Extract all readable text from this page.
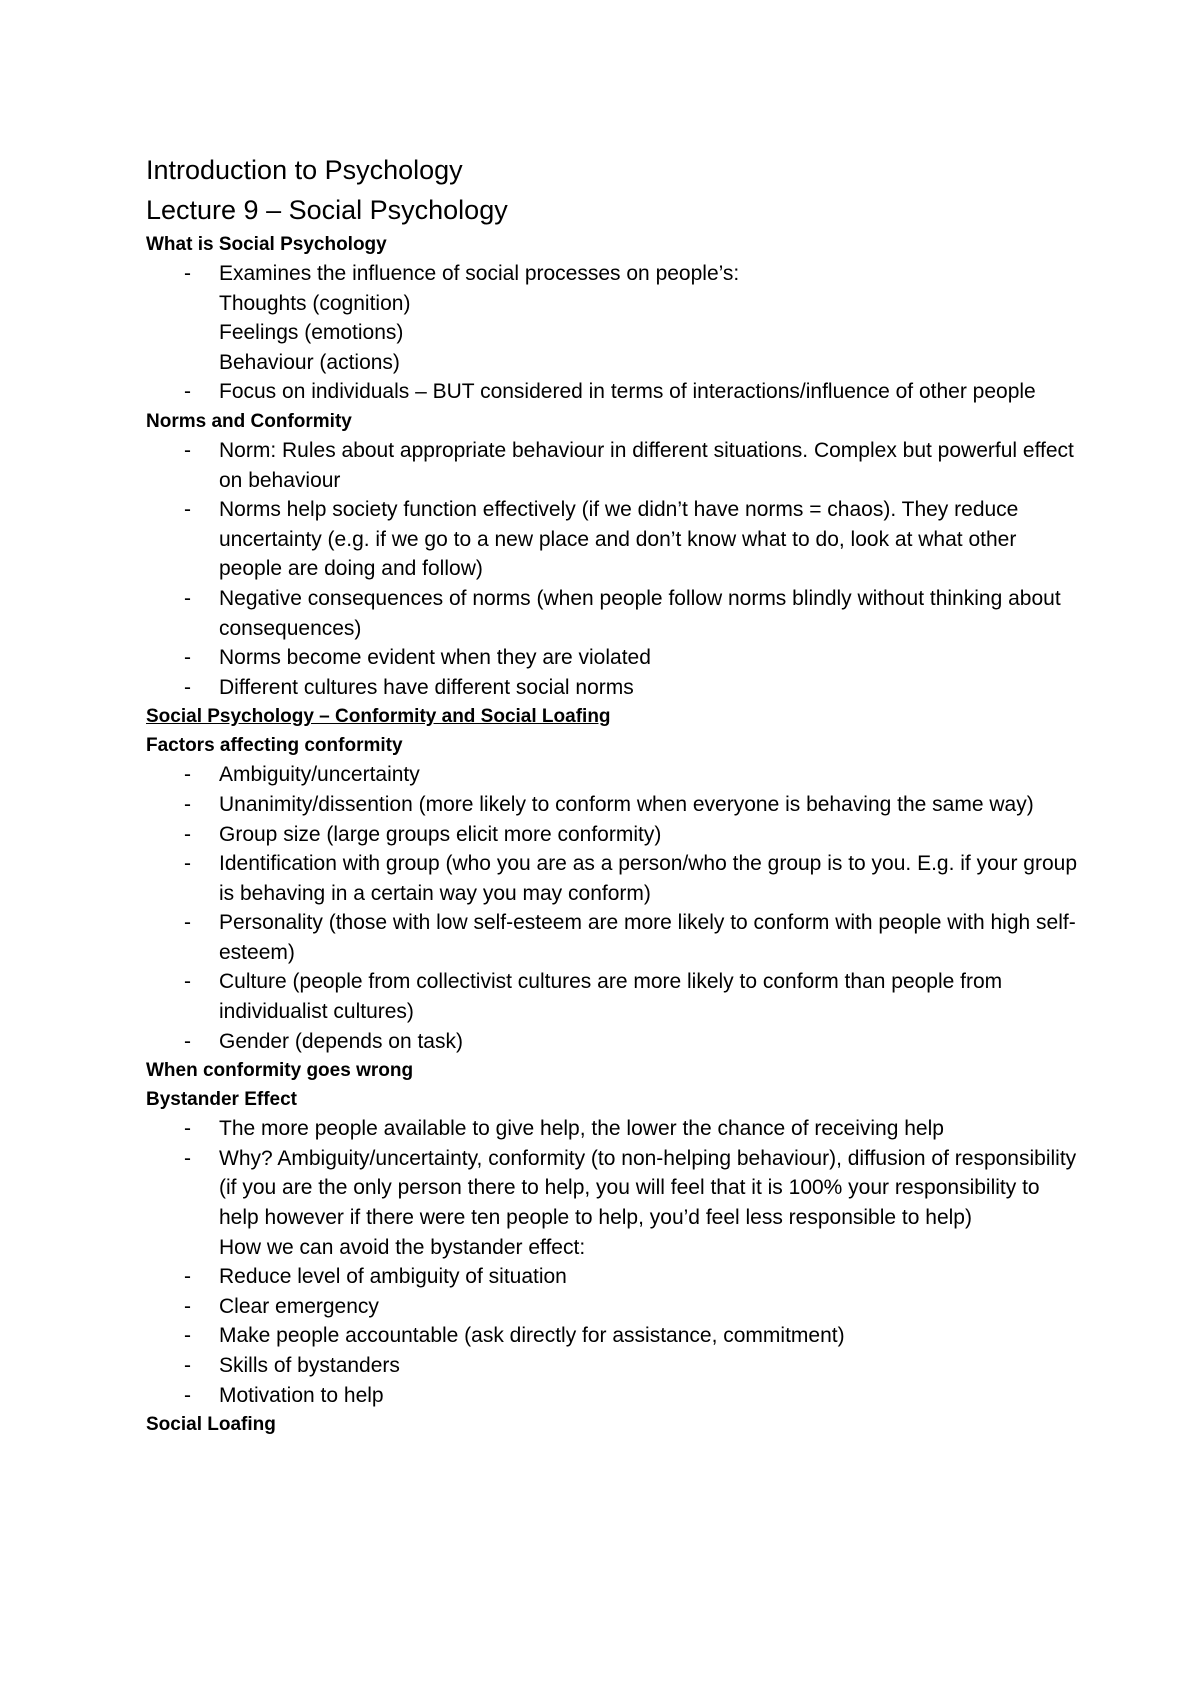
Introduction to Psychology
Lecture 9 – Social Psychology

What is Social Psychology

- Examines the influence of social processes on people’s:

Thoughts (cognition)

Feelings (emotions)

Behaviour (actions)

- Focus on individuals – BUT considered in terms of interactions/influence of other people

Norms and Conformity

- Norm: Rules about appropriate behaviour in different situations. Complex but powerful effect on behaviour
- Norms help society function effectively (if we didn’t have norms = chaos). They reduce uncertainty (e.g. if we go to a new place and don’t know what to do, look at what other people are doing and follow)
- Negative consequences of norms (when people follow norms blindly without thinking about consequences)
- Norms become evident when they are violated
- Different cultures have different social norms

Social Psychology – Conformity and Social Loafing

Factors affecting conformity

- Ambiguity/uncertainty
- Unanimity/dissention (more likely to conform when everyone is behaving the same way)
- Group size (large groups elicit more conformity)
- Identification with group (who you are as a person/who the group is to you. E.g. if your group is behaving in a certain way you may conform)
- Personality (those with low self-esteem are more likely to conform with people with high self-esteem)
- Culture (people from collectivist cultures are more likely to conform than people from individualist cultures)
- Gender (depends on task)

When conformity goes wrong

Bystander Effect

- The more people available to give help, the lower the chance of receiving help
- Why? Ambiguity/uncertainty, conformity (to non-helping behaviour), diffusion of responsibility (if you are the only person there to help, you will feel that it is 100% your responsibility to help however if there were ten people to help, you’d feel less responsible to help)

How we can avoid the bystander effect:

- Reduce level of ambiguity of situation
- Clear emergency
- Make people accountable (ask directly for assistance, commitment)
- Skills of bystanders
- Motivation to help

Social Loafing
